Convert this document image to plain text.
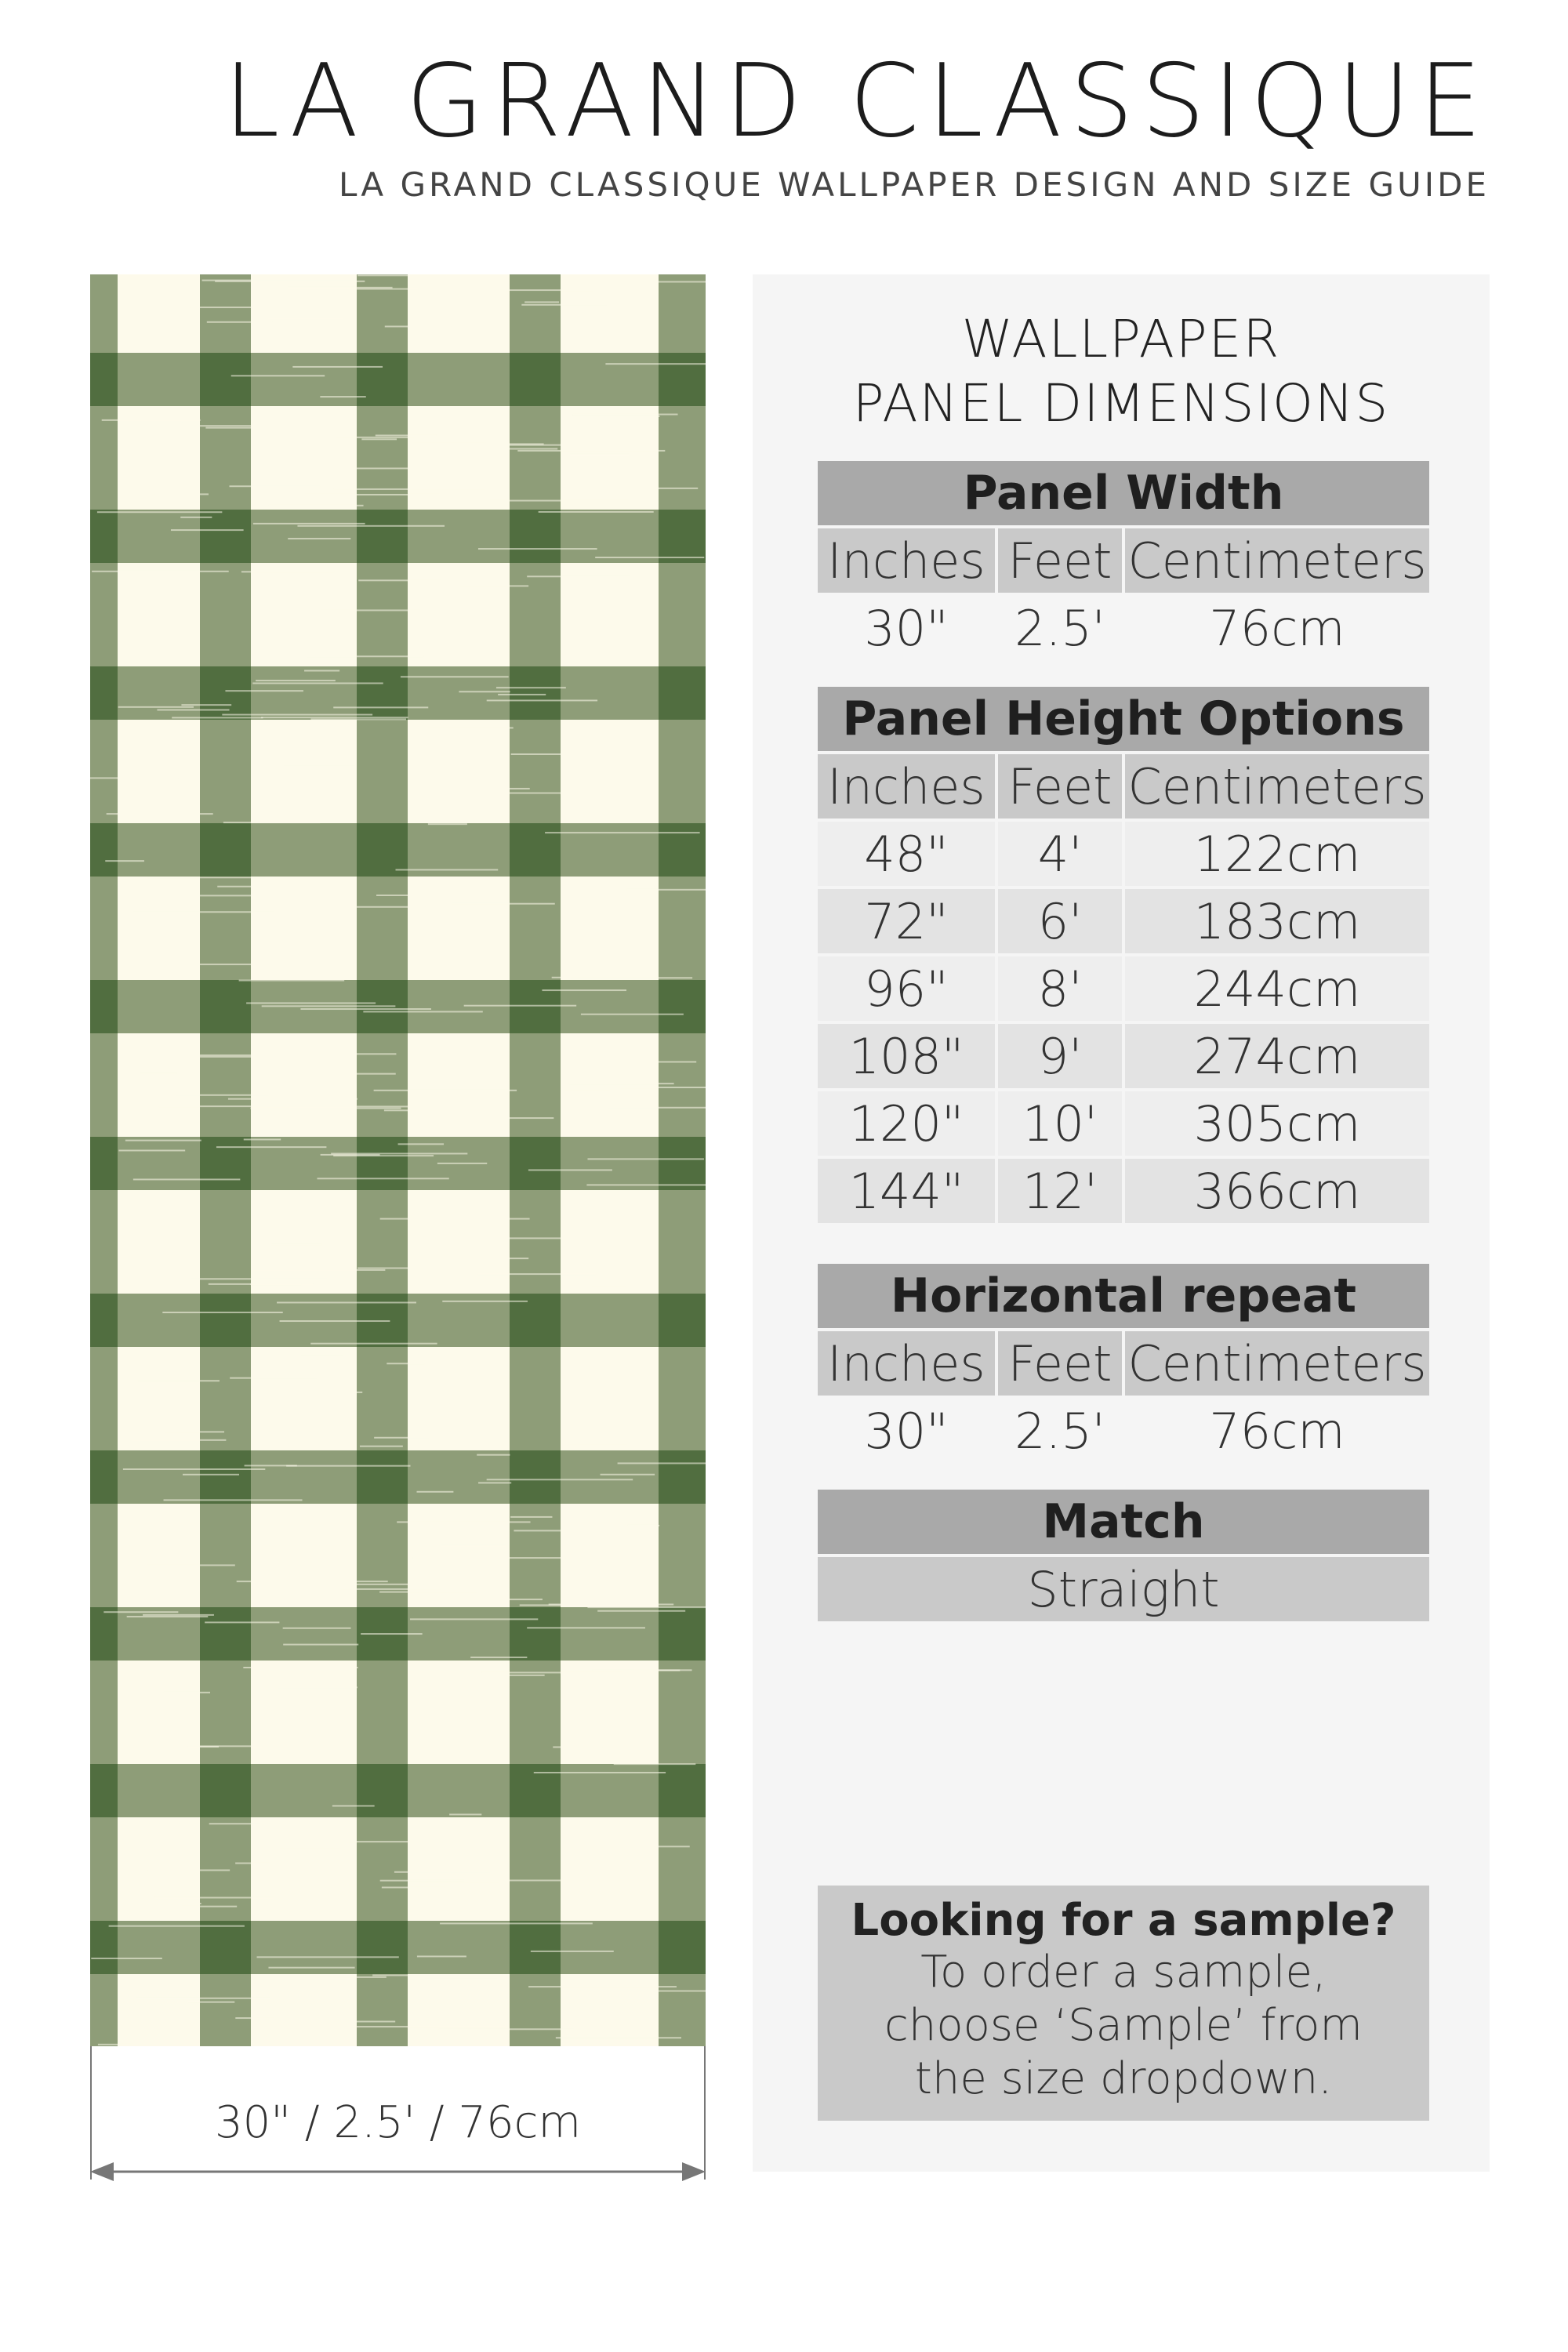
LA GRAND CLASSIQUE
LA GRAND CLASSIQUE WALLPAPER DESIGN AND SIZE GUIDE
30" / 2.5' / 76cm
WALLPAPER
PANEL DIMENSIONS
Panel Width
Inches Feet Centimeters
30"	2.5'	76cm
Panel Height Options
Inches Feet Centimeters
48"	4'	122cm
72"	6'	183cm
96"	8'	244cm
108"	9'	274cm
120"	10'	305cm
144"	12'	366cm
Horizontal repeat
Inches Feet Centimeters
30"	2.5'	76cm
Match
Straight
Looking for a sample?
To order a sample,
choose ‘Sample’ from
the size dropdown.
